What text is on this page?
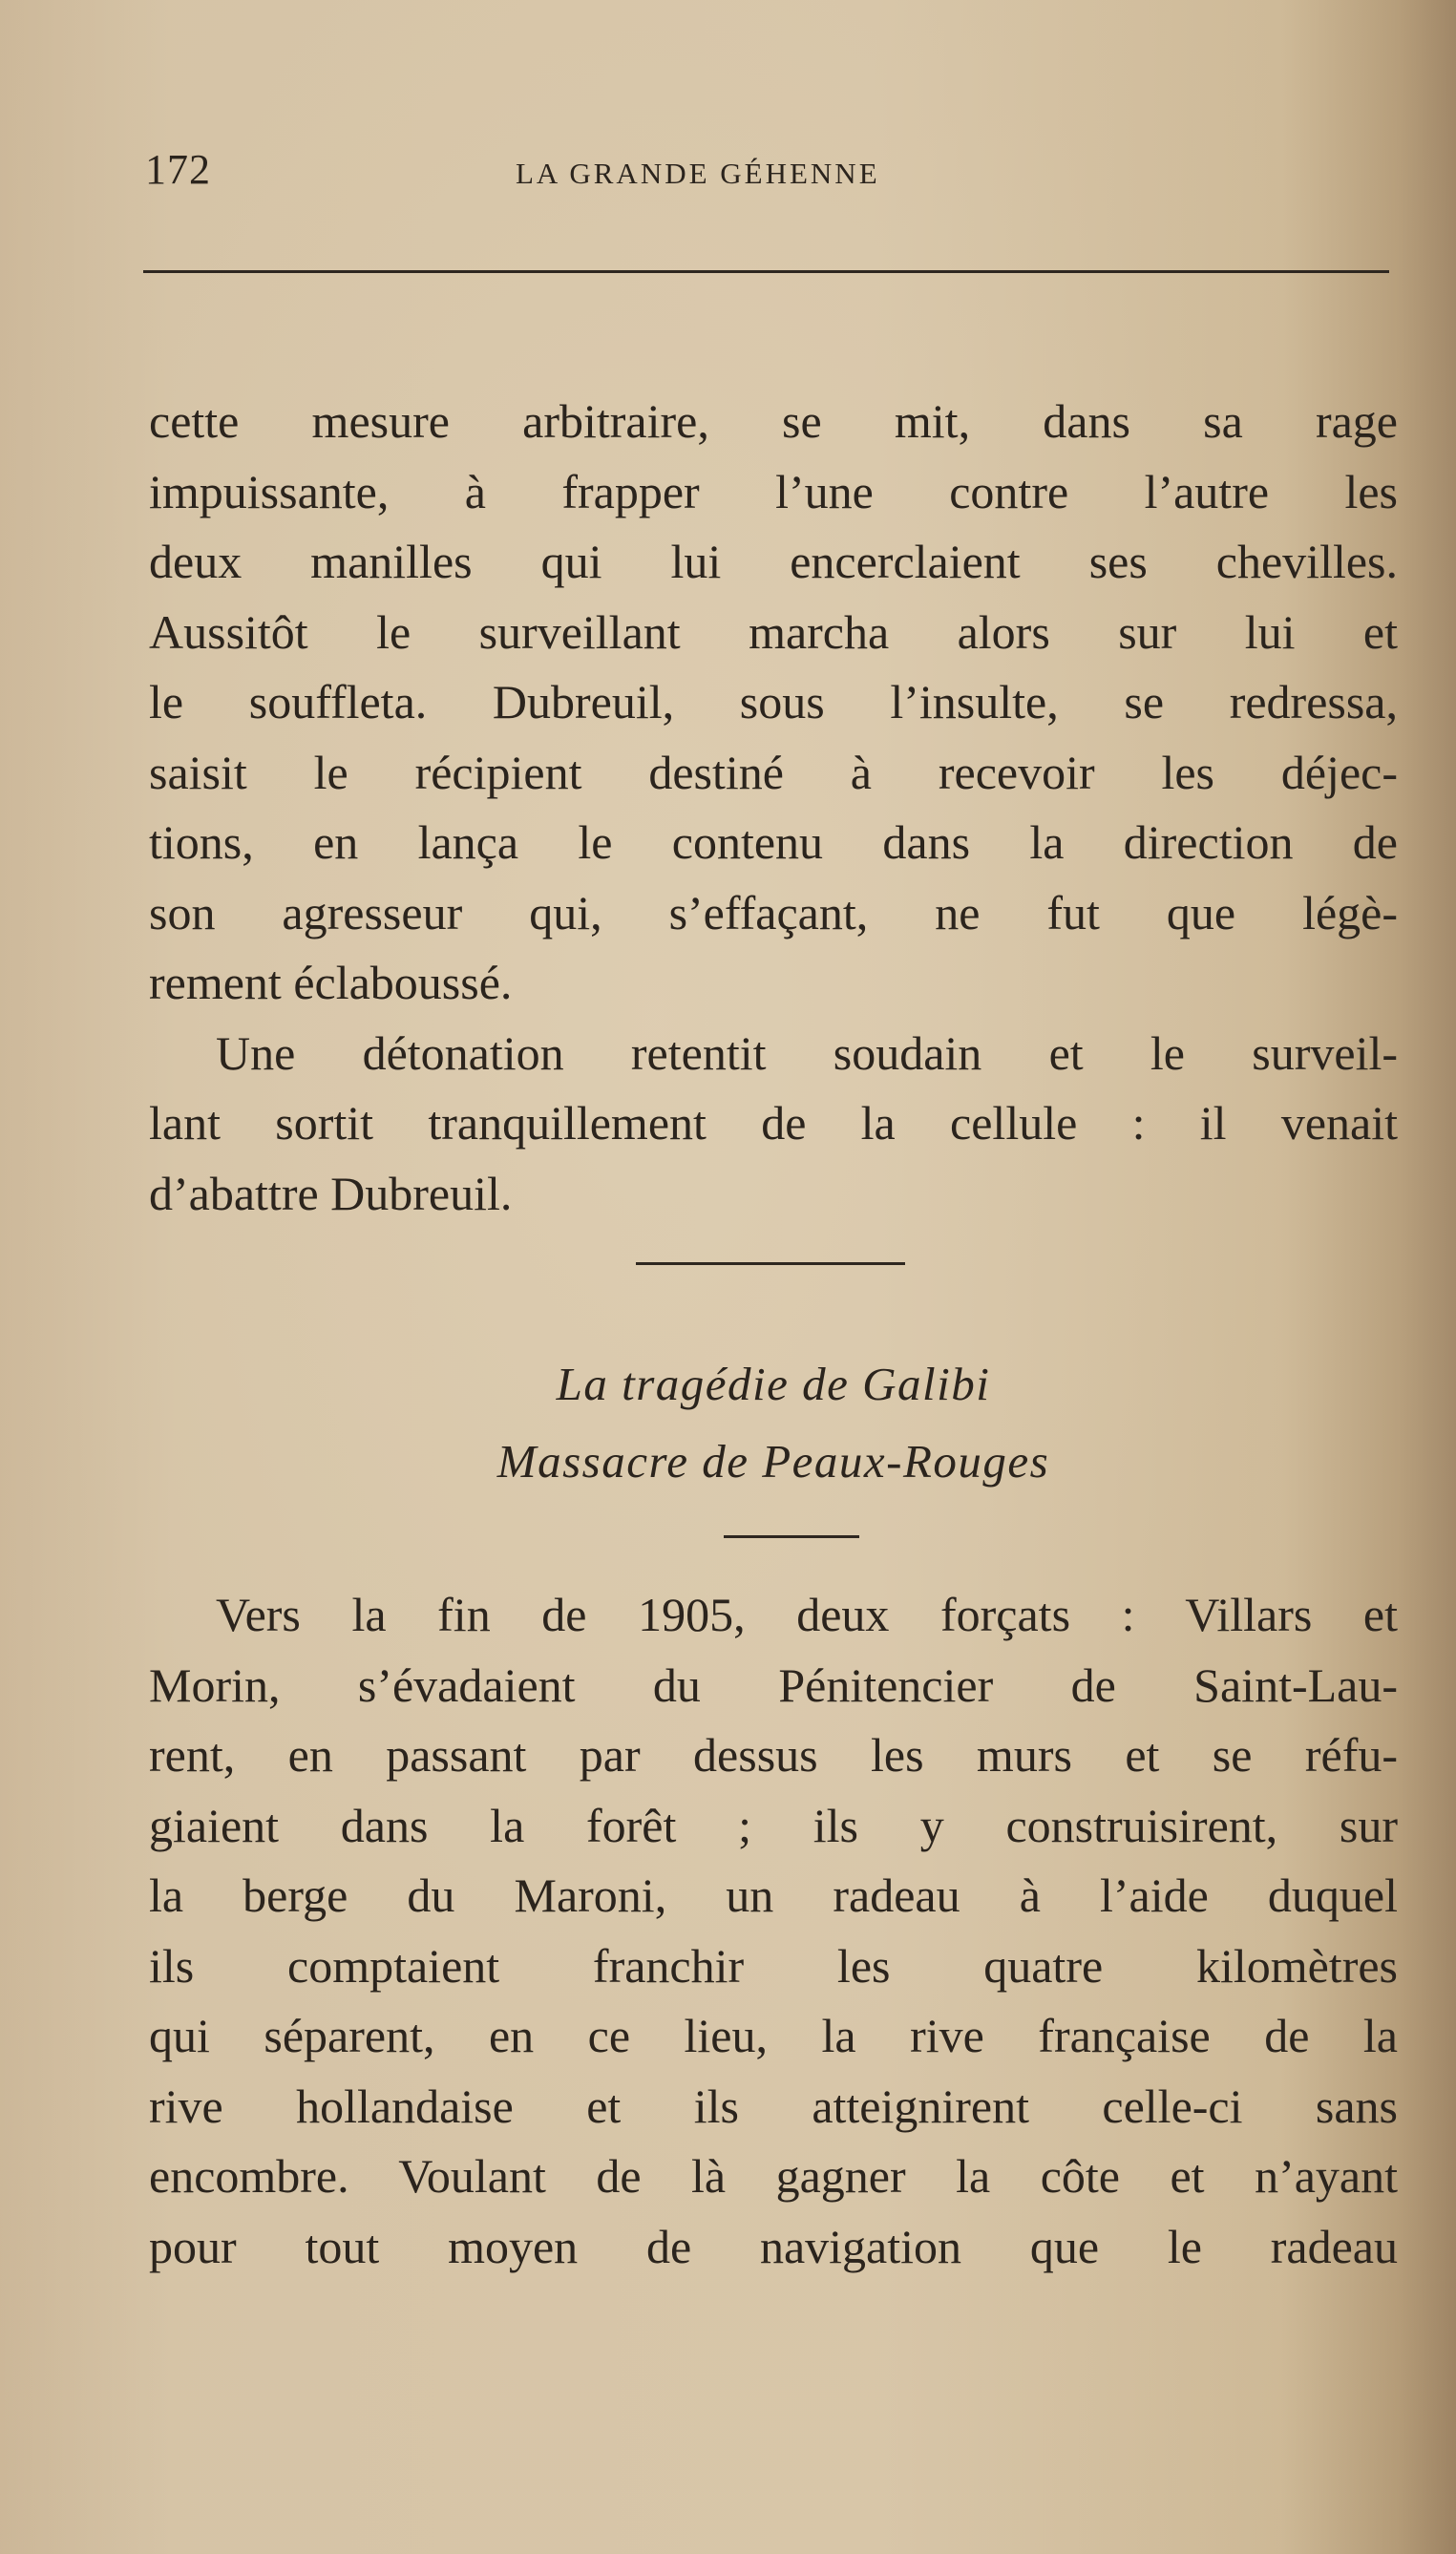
172	LA GRANDE GÉHENNE
cette mesure arbitraire, se mit, dans sa rage
impuissante, à frapper l’une contre l’autre les
deux manilles qui lui encerclaient ses chevilles.
Aussitôt le surveillant marcha alors sur lui et
le souffleta. Dubreuil, sous l’insulte, se redressa,
saisit le récipient destiné à recevoir les déjec-
tions, en lança le contenu dans la direction de
son agresseur qui, s’effaçant, ne fut que légè-
rement éclaboussé.
Une détonation retentit soudain et le surveil-
lant sortit tranquillement de la cellule : il venait
d’abattre Dubreuil.
La tragédie de Galibi
Massacre de Peaux-Rouges
Vers la fin de 1905, deux forçats : Villars et
Morin, s’évadaient du Pénitencier de Saint-Lau-
rent, en passant par dessus les murs et se réfu-
giaient dans la forêt ; ils y construisirent, sur
la berge du Maroni, un radeau à l’aide duquel
ils comptaient franchir les quatre kilomètres
qui séparent, en ce lieu, la rive française de la
rive hollandaise et ils atteignirent celle-ci sans
encombre. Voulant de là gagner la côte et n’ayant
pour tout moyen de navigation que le radeau
